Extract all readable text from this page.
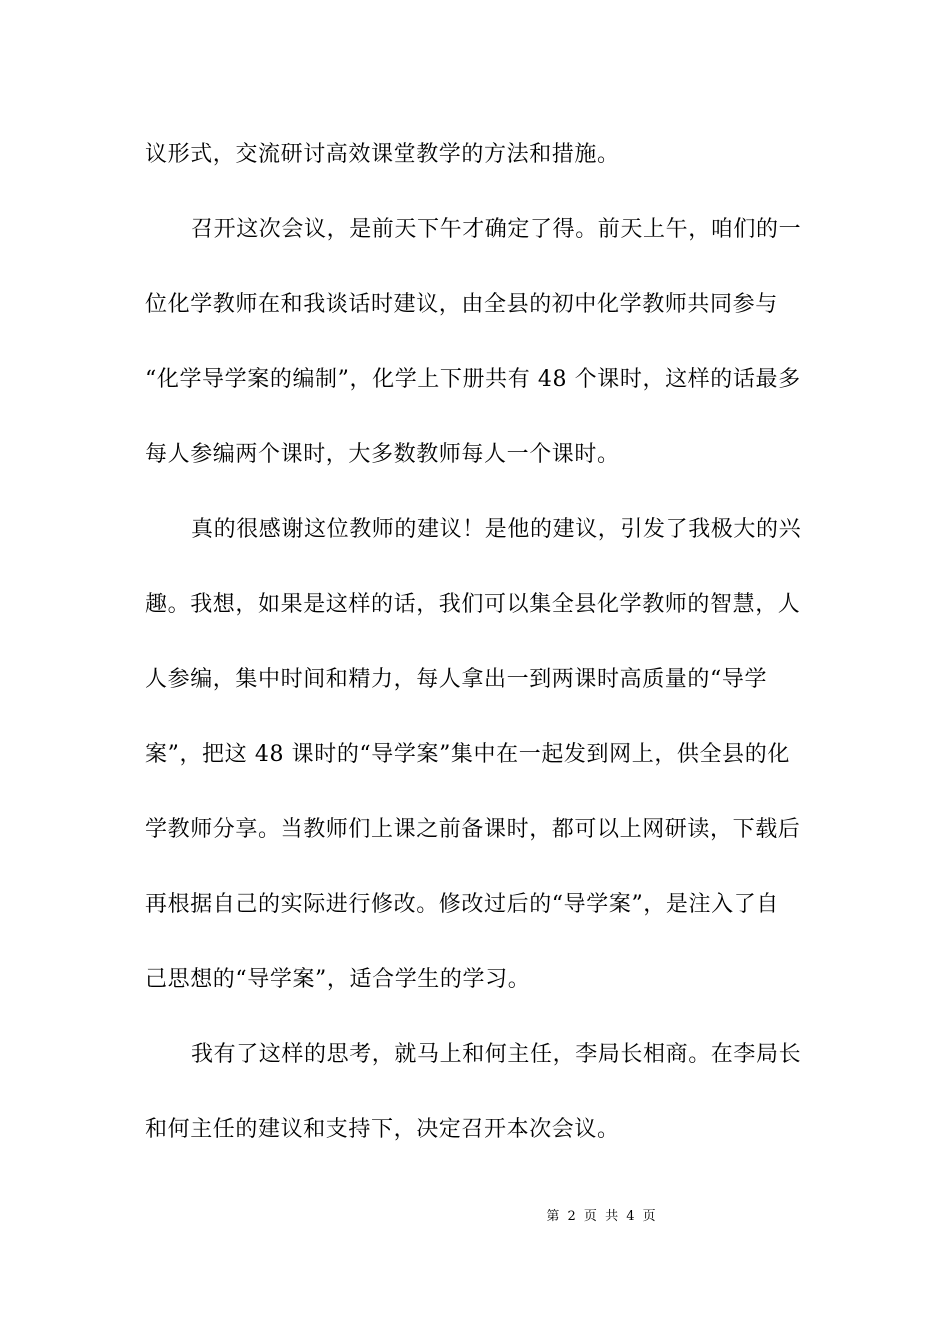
议形式，交流研讨高效课堂教学的方法和措施。
召开这次会议，是前天下午才确定了得。前天上午，咱们的一
位化学教师在和我谈话时建议，由全县的初中化学教师共同参与
“化学导学案的编制”，化学上下册共有 48 个课时，这样的话最多
每人参编两个课时，大多数教师每人一个课时。
真的很感谢这位教师的建议！是他的建议，引发了我极大的兴
趣。我想，如果是这样的话，我们可以集全县化学教师的智慧，人
人参编，集中时间和精力，每人拿出一到两课时高质量的“导学
案”，把这 48 课时的“导学案”集中在一起发到网上，供全县的化
学教师分享。当教师们上课之前备课时，都可以上网研读，下载后
再根据自己的实际进行修改。修改过后的“导学案”，是注入了自
己思想的“导学案”，适合学生的学习。
我有了这样的思考，就马上和何主任，李局长相商。在李局长
和何主任的建议和支持下，决定召开本次会议。
第 2 页 共 4 页
